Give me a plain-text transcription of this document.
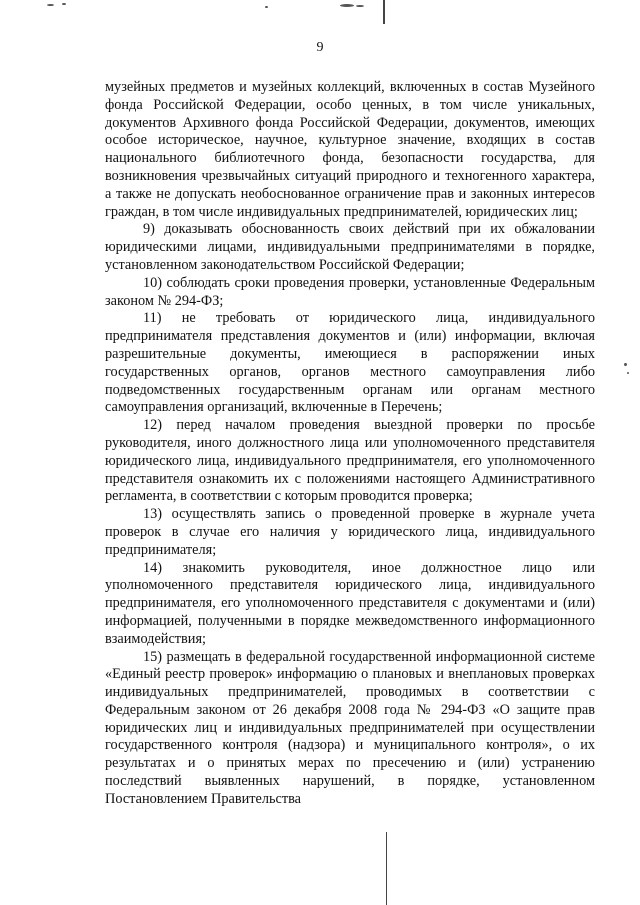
9

музейных предметов и музейных коллекций, включенных в состав Музейного фонда Российской Федерации, особо ценных, в том числе уникальных, документов Архивного фонда Российской Федерации, документов, имеющих особое историческое, научное, культурное значение, входящих в состав национального библиотечного фонда, безопасности государства, для возникновения чрезвычайных ситуаций природного и техногенного характера, а также не допускать необоснованное ограничение прав и законных интересов граждан, в том числе индивидуальных предпринимателей, юридических лиц;

9) доказывать обоснованность своих действий при их обжаловании юридическими лицами, индивидуальными предпринимателями в порядке, установленном законодательством Российской Федерации;

10) соблюдать сроки проведения проверки, установленные Федеральным законом № 294-ФЗ;

11) не требовать от юридического лица, индивидуального предпринимателя представления документов и (или) информации, включая разрешительные документы, имеющиеся в распоряжении иных государственных органов, органов местного самоуправления либо подведомственных государственным органам или органам местного самоуправления организаций, включенные в Перечень;

12) перед началом проведения выездной проверки по просьбе руководителя, иного должностного лица или уполномоченного представителя юридического лица, индивидуального предпринимателя, его уполномоченного представителя ознакомить их с положениями настоящего Административного регламента, в соответствии с которым проводится проверка;

13) осуществлять запись о проведенной проверке в журнале учета проверок в случае его наличия у юридического лица, индивидуального предпринимателя;

14) знакомить руководителя, иное должностное лицо или уполномоченного представителя юридического лица, индивидуального предпринимателя, его уполномоченного представителя с документами и (или) информацией, полученными в порядке межведомственного информационного взаимодействия;

15) размещать в федеральной государственной информационной системе «Единый реестр проверок» информацию о плановых и внеплановых проверках индивидуальных предпринимателей, проводимых в соответствии с Федеральным законом от 26 декабря 2008 года № 294-ФЗ «О защите прав юридических лиц и индивидуальных предпринимателей при осуществлении государственного контроля (надзора) и муниципального контроля», о их результатах и о принятых мерах по пресечению и (или) устранению последствий выявленных нарушений, в порядке, установленном Постановлением Правительства
